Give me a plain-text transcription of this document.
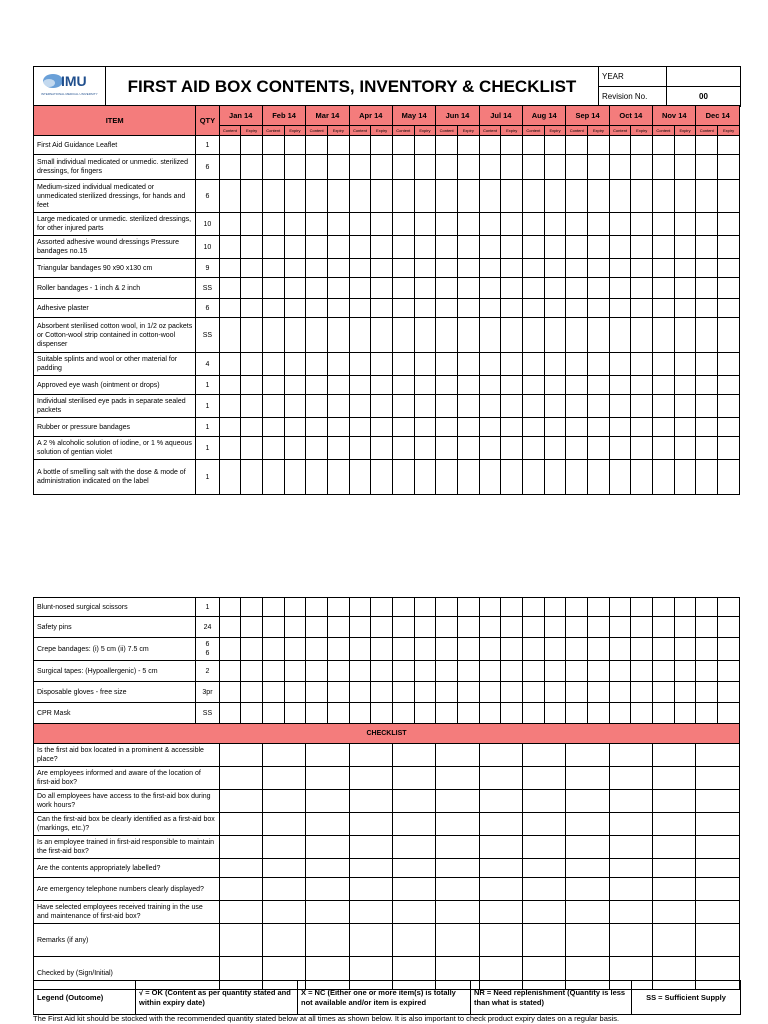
IMU
INTERNATIONAL MEDICAL UNIVERSITY	FIRST AID BOX CONTENTS, INVENTORY & CHECKLIST	YEAR	
		Revision No.	00
ITEM	QTY	Jan 14		Feb 14		Mar 14		Apr 14		May 14		Jun 14		Jul 14		Aug 14		Sep 14		Oct 14		Nov 14		Dec 14	
		Content	Expiry	Content	Expiry	Content	Expiry	Content	Expiry	Content	Expiry	Content	Expiry	Content	Expiry	Content	Expiry	Content	Expiry	Content	Expiry	Content	Expiry	Content	Expiry
First Aid Guidance Leaflet	1																								
Small individual medicated or unmedic. sterilized dressings, for fingers	6																								
Medium-sized individual medicated or unmedicated sterilized dressings, for hands and feet	6																								
Large medicated or unmedic. sterilized dressings, for other injured parts	10																								
Assorted adhesive wound dressings Pressure bandages no.15	10																								
Triangular bandages 90 x90 x130 cm	9																								
Roller bandages - 1 inch & 2 inch	SS																								
Adhesive plaster	6																								
Absorbent sterilised cotton wool, in 1/2 oz packets or Cotton-wool strip contained in cotton-wool dispenser	SS																								
Suitable splints and wool or other material for padding	4																								
Approved eye wash (ointment or drops)	1																								
Individual sterilised eye pads in separate sealed packets	1																								
Rubber or pressure bandages	1																								
A 2 % alcoholic solution of iodine, or 1 % aqueous solution of gentian violet	1																								
A bottle of smelling salt with the dose & mode of administration indicated on the label	1																								
Blunt-nosed surgical scissors	1																								
Safety pins	24																								
Crepe bandages: (i) 5 cm (ii) 7.5 cm	6
6																								
Surgical tapes: (Hypoallergenic) - 5 cm	2																								
Disposable gloves - free size	3pr																								
CPR Mask	SS																								
CHECKLIST																									
Is the first aid box located in a prominent & accessible place?																									
Are employees informed and aware of the location of first-aid box?																									
Do all employees have access to the first-aid box during work hours?																									
Can the first-aid box be clearly identified as a first-aid box (markings, etc.)?																									
Is an employee trained in first-aid responsible to maintain the first-aid box?																									
Are the contents appropriately labelled?																									
Are emergency telephone numbers clearly displayed?																									
Have selected employees received training in the use and maintenance of first-aid box?																									
Remarks (if any)																									
Checked by (Sign/Initial)																									
Legend (Outcome)	√ = OK (Content as per quantity stated and within expiry date)	X = NC (Either one or more item(s) is totally not available and/or item is expired	NR = Need replenishment (Quantity is less than what is stated)	SS = Sufficient Supply
The First Aid kit should be stocked with the recommended quantity stated below at all times as shown below. It is also important to check product expiry dates on a regular basis.
